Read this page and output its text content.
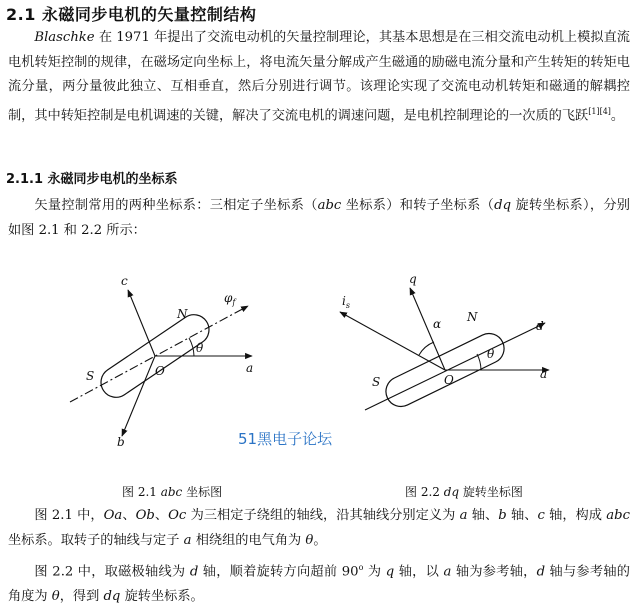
2.1 永磁同步电机的矢量控制结构
Blaschke 在 1971 年提出了交流电动机的矢量控制理论，其基本思想是在三相交流电动机上模拟直流电机转矩控制的规律，在磁场定向坐标上，将电流矢量分解成产生磁通的励磁电流分量和产生转矩的转矩电流分量，两分量彼此独立、互相垂直，然后分别进行调节。该理论实现了交流电动机转矩和磁通的解耦控制，其中转矩控制是电机调速的关键，解决了交流电机的调速问题，是电机控制理论的一次质的飞跃[1][4]。
2.1.1 永磁同步电机的坐标系
矢量控制常用的两种坐标系：三相定子坐标系（abc 坐标系）和转子坐标系（dq 旋转坐标系），分别如图 2.1 和 2.2 所示：
c
b
a
N
S	O
θ
$\varphi_f$
q
$i_s$
α N
d
S	O
θ
a
51黑电子论坛
图 2.1 abc 坐标图	图 2.2 dq 旋转坐标图
图 2.1 中，Oa、Ob、Oc 为三相定子绕组的轴线，沿其轴线分别定义为 a 轴、b 轴、c 轴，构成 abc 坐标系。取转子的轴线与定子 a 相绕组的电气角为 θ。
图 2.2 中，取磁极轴线为 d 轴，顺着旋转方向超前 90$^o$ 为 q 轴，以 a 轴为参考轴，d 轴与参考轴的角度为 θ，得到 dq 旋转坐标系。
